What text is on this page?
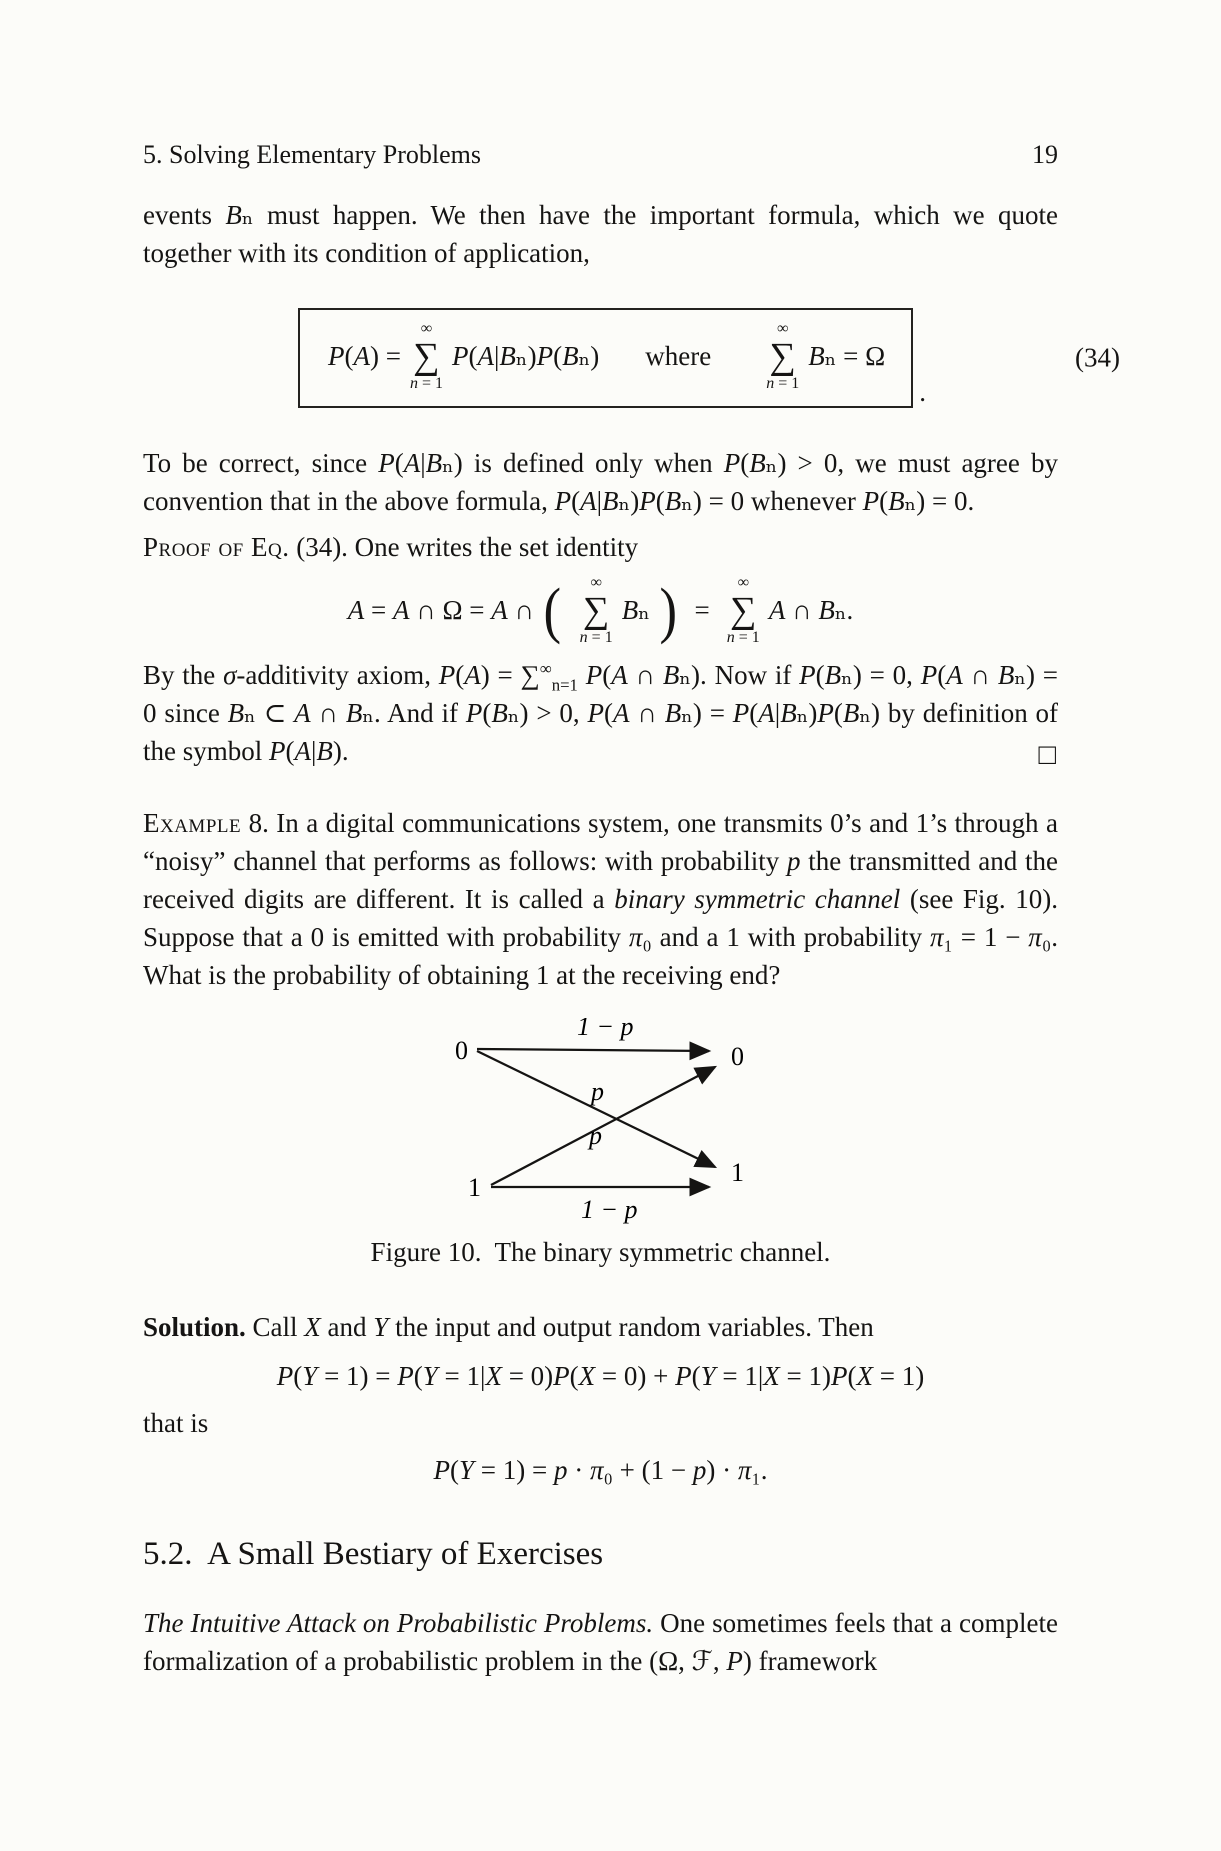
5. Solving Elementary Problems	19

events Bₙ must happen. We then have the important formula, which we quote together with its condition of application,

P(A) =
∞
∑
n = 1
P(A|Bₙ)P(Bₙ) where
∞
∑
n = 1
Bₙ = Ω
.
(34)

To be correct, since P(A|Bₙ) is defined only when P(Bₙ) > 0, we must agree by convention that in the above formula, P(A|Bₙ)P(Bₙ) = 0 whenever P(Bₙ) = 0.

Proof of Eq. (34). One writes the set identity

A = A ∩ Ω = A ∩ ( ∞
∑
n = 1
Bₙ ) =
∞
∑
n = 1
A ∩ Bₙ.

By the σ-additivity axiom, $P(A) = \sum^\infty_{n=1}$ P(A ∩ Bₙ). Now if P(Bₙ) = 0, P(A ∩ Bₙ) = 0 since Bₙ ⊂ A ∩ Bₙ. And if P(Bₙ) > 0, P(A ∩ Bₙ) = P(A|Bₙ)P(Bₙ) by definition of the symbol P(A|B).	□

Example 8. In a digital communications system, one transmits 0’s and 1’s through a “noisy” channel that performs as follows: with probability p the transmitted and the received digits are different. It is called a binary symmetric channel (see Fig. 10). Suppose that a 0 is emitted with probability π₀ and a 1 with probability π₁ = 1 − π₀. What is the probability of obtaining 1 at the receiving end?

0	0
1
1
1 − p
p
p
1 − p

Figure 10.  The binary symmetric channel.

Solution. Call X and Y the input and output random variables. Then

P(Y = 1) = P(Y = 1|X = 0)P(X = 0) + P(Y = 1|X = 1)P(X = 1)

that is

P(Y = 1) = p · π₀ + (1 − p) · π₁.

5.2.  A Small Bestiary of Exercises

The Intuitive Attack on Probabilistic Problems. One sometimes feels that a complete formalization of a probabilistic problem in the (Ω, ℱ, P) framework
